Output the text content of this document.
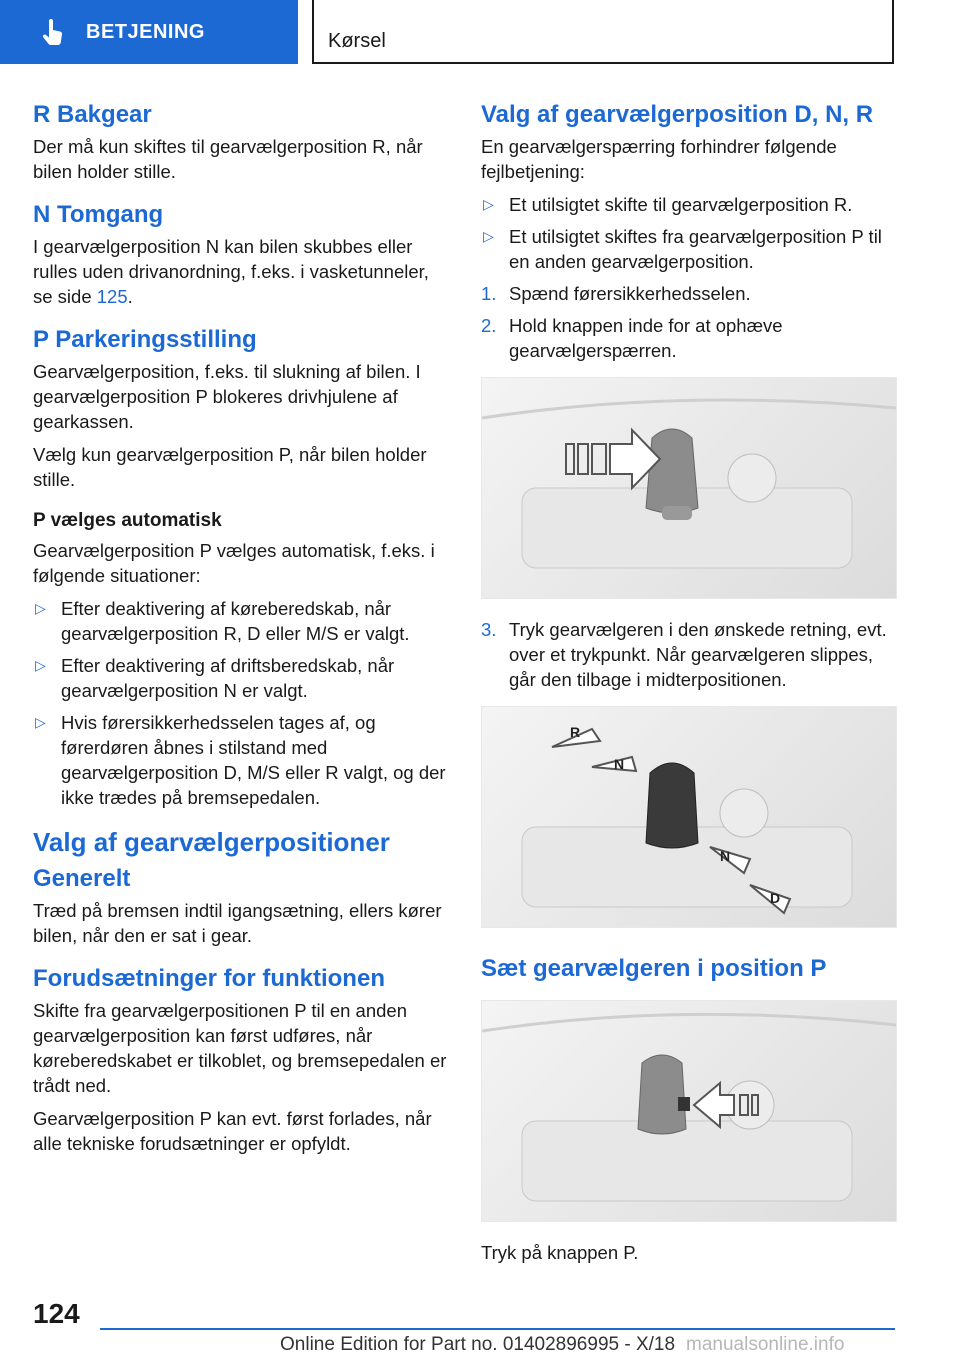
BETJENING	Kørsel
R Bakgear

Der må kun skiftes til gearvælgerposition R, når bilen holder stille.

N Tomgang

I gearvælgerposition N kan bilen skubbes eller rulles uden drivanordning, f.eks. i vasketunneler, se side 125.

P Parkeringsstilling

Gearvælgerposition, f.eks. til slukning af bilen. I gearvælgerposition P blokeres drivhjulene af gearkassen.

Vælg kun gearvælgerposition P, når bilen holder stille.

P vælges automatisk

Gearvælgerposition P vælges automatisk, f.eks. i følgende situationer:

▷ Efter deaktivering af køreberedskab, når gearvælgerposition R, D eller M/S er valgt.
▷ Efter deaktivering af driftsberedskab, når gearvælgerposition N er valgt.
▷ Hvis førersikkerhedsselen tages af, og førerdøren åbnes i stilstand med gearvælgerposition D, M/S eller R valgt, og der ikke trædes på bremsepedalen.
Valg af gearvælgerpositioner
Generelt

Træd på bremsen indtil igangsætning, ellers kører bilen, når den er sat i gear.

Forudsætninger for funktionen

Skifte fra gearvælgerpositionen P til en anden gearvælgerposition kan først udføres, når køreberedskabet er tilkoblet, og bremsepedalen er trådt ned.

Gearvælgerposition P kan evt. først forlades, når alle tekniske forudsætninger er opfyldt.

Valg af gearvælgerposition D, N, R

En gearvælgerspærring forhindrer følgende fejlbetjening:

▷ Et utilsigtet skifte til gearvælgerposition R.
▷ Et utilsigtet skiftes fra gearvælgerposition P til en anden gearvælgerposition.
1. Spænd førersikkerhedsselen.
2. Hold knappen inde for at ophæve gearvælgerspærren.
3. Tryk gearvælgeren i den ønskede retning, evt. over et trykpunkt. Når gearvælgeren slippes, går den tilbage i midterpositionen.
R
N
N
D
Sæt gearvælgeren i position P

Tryk på knappen P.

124
Online Edition for Part no. 01402896995 - X/18 manualsonline.info
